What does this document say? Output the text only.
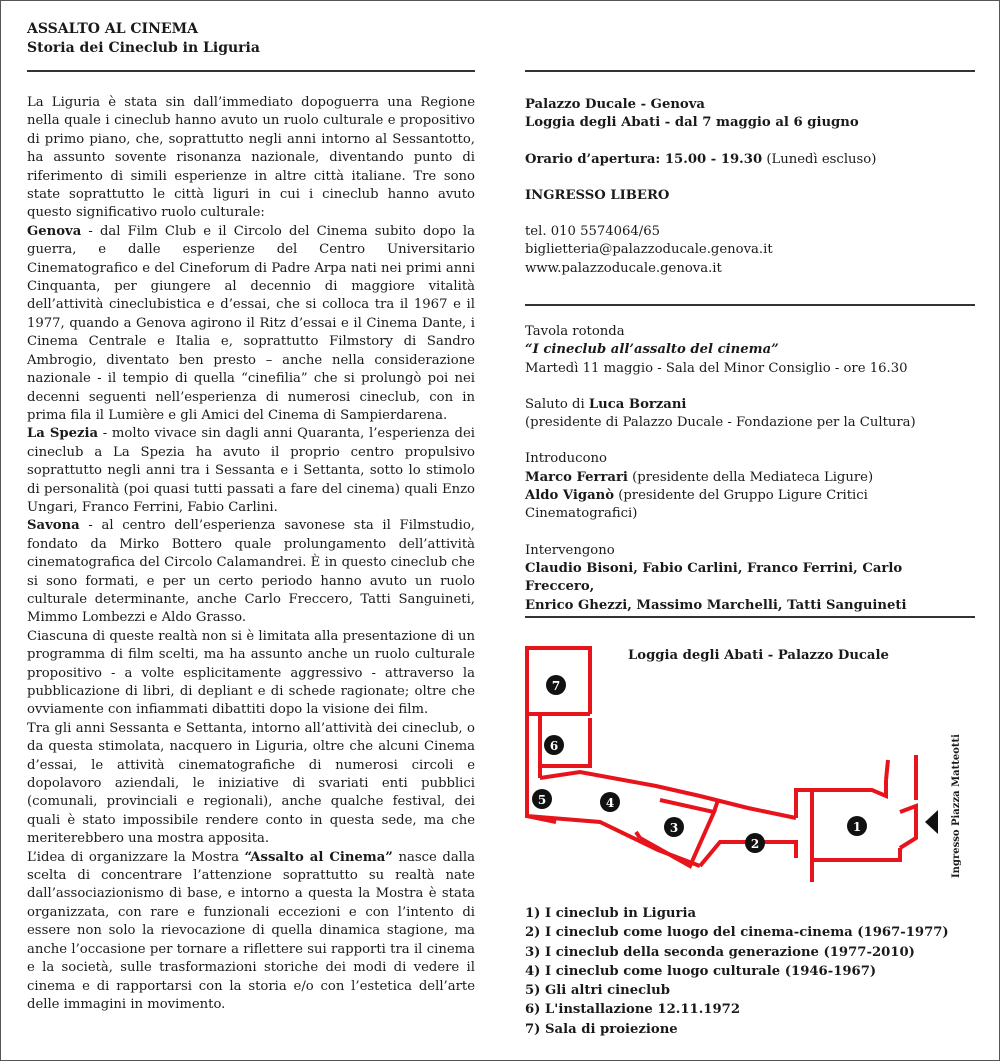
ASSALTO AL CINEMA
Storia dei Cineclub in Liguria

La Liguria è stata sin dall’immediato dopoguerra una Regione nella quale i cineclub hanno avuto un ruolo culturale e propositivo di primo piano, che, soprattutto negli anni intorno al Sessantotto, ha assunto sovente risonanza nazionale, diventando punto di riferimento di simili esperienze in altre città italiane. Tre sono state soprattutto le città liguri in cui i cineclub hanno avuto questo significativo ruolo culturale:

Genova - dal Film Club e il Circolo del Cinema subito dopo la guerra, e dalle esperienze del Centro Universitario Cinematografico e del Cineforum di Padre Arpa nati nei primi anni Cinquanta, per giungere al decennio di maggiore vitalità dell’attività cineclubistica e d’essai, che si colloca tra il 1967 e il 1977, quando a Genova agirono il Ritz d’essai e il Cinema Dante, i Cinema Centrale e Italia e, soprattutto Filmstory di Sandro Ambrogio, diventato ben presto – anche nella considerazione nazionale - il tempio di quella “cinefilia” che si prolungò poi nei decenni seguenti nell’esperienza di numerosi cineclub, con in prima fila il Lumière e gli Amici del Cinema di Sampierdarena.

La Spezia - molto vivace sin dagli anni Quaranta, l’esperienza dei cineclub a La Spezia ha avuto il proprio centro propulsivo soprattutto negli anni tra i Sessanta e i Settanta, sotto lo stimolo di personalità (poi quasi tutti passati a fare del cinema) quali Enzo Ungari, Franco Ferrini, Fabio Carlini.

Savona - al centro dell’esperienza savonese sta il Filmstudio, fondato da Mirko Bottero quale prolungamento dell’attività cinematografica del Circolo Calamandrei. È in questo cineclub che si sono formati, e per un certo periodo hanno avuto un ruolo culturale determinante, anche Carlo Freccero, Tatti Sanguineti, Mimmo Lombezzi e Aldo Grasso.

Ciascuna di queste realtà non si è limitata alla presentazione di un programma di film scelti, ma ha assunto anche un ruolo culturale propositivo - a volte esplicitamente aggressivo - attraverso la pubblicazione di libri, di depliant e di schede ragionate; oltre che ovviamente con infiammati dibattiti dopo la visione dei film.

Tra gli anni Sessanta e Settanta, intorno all’attività dei cineclub, o da questa stimolata, nacquero in Liguria, oltre che alcuni Cinema d’essai, le attività cinematografiche di numerosi circoli e dopolavoro aziendali, le iniziative di svariati enti pubblici (comunali, provinciali e regionali), anche qualche festival, dei quali è stato impossibile rendere conto in questa sede, ma che meriterebbero una mostra apposita.

L’idea di organizzare la Mostra “Assalto al Cinema” nasce dalla scelta di concentrare l’attenzione soprattutto su realtà nate dall’associazionismo di base, e intorno a questa la Mostra è stata organizzata, con rare e funzionali eccezioni e con l’intento di essere non solo la rievocazione di quella dinamica stagione, ma anche l’occasione per tornare a riflettere sui rapporti tra il cinema e la società, sulle trasformazioni storiche dei modi di vedere il cinema e di rapportarsi con la storia e/o con l’estetica dell’arte delle immagini in movimento.

Palazzo Ducale - Genova

Loggia degli Abati - dal 7 maggio al 6 giugno

Orario d’apertura: 15.00 - 19.30 (Lunedì escluso)

INGRESSO LIBERO

tel. 010 5574064/65

biglietteria@palazzoducale.genova.it

www.palazzoducale.genova.it

Tavola rotonda

“I cineclub all’assalto del cinema”

Martedì 11 maggio - Sala del Minor Consiglio - ore 16.30

Saluto di Luca Borzani

(presidente di Palazzo Ducale - Fondazione per la Cultura)

Introducono

Marco Ferrari (presidente della Mediateca Ligure)

Aldo Viganò (presidente del Gruppo Ligure Critici Cinematografici)

Intervengono

Claudio Bisoni, Fabio Carlini, Franco Ferrini, Carlo Freccero,

Enrico Ghezzi, Massimo Marchelli, Tatti Sanguineti

Loggia degli Abati - Palazzo Ducale
7
6
5	4
3
2
1	Ingresso Piazza Matteotti
1) I cineclub in Liguria
2) I cineclub come luogo del cinema-cinema (1967-1977)
3) I cineclub della seconda generazione (1977-2010)
4) I cineclub come luogo culturale (1946-1967)
5) Gli altri cineclub
6) L'installazione 12.11.1972
7) Sala di proiezione
